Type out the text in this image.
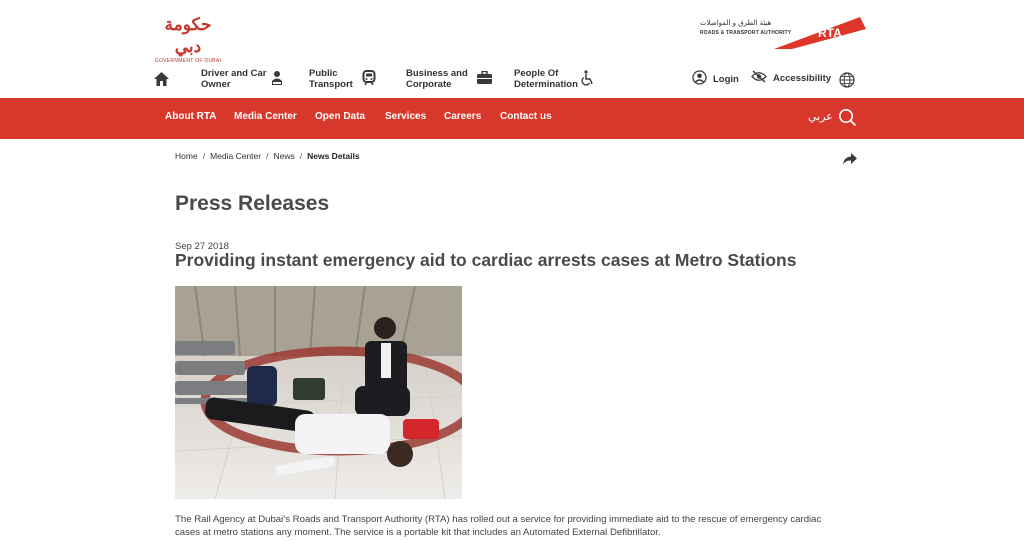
حكومة دبي
GOVERNMENT OF DUBAI
هيئة الطرق و المواصلات
ROADS & TRANSPORT AUTHORITY RTA
Driver and Car
Owner
Public
Transport
Business and
Corporate
People Of
Determination	Login	Accessibility
About RTA Media Center Open Data Services Careers Contact us	عربي
Home / Media Center / News / News Details
Press Releases
Sep 27 2018
Providing instant emergency aid to cardiac arrests cases at Metro Stations
The Rail Agency at Dubai’s Roads and Transport Authority (RTA) has rolled out a service for providing immediate aid to the rescue of emergency cardiac
cases at metro stations any moment. The service is a portable kit that includes an Automated External Defibrillator.
